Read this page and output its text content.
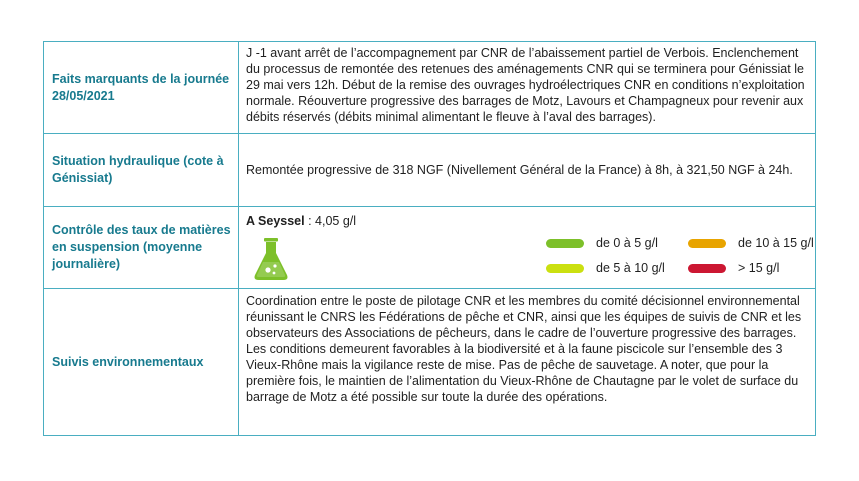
Faits marquants de la journée 28/05/2021	J -1 avant arrêt de l’accompagnement par CNR de l’abaissement partiel de Verbois. Enclenchement du processus de remontée des retenues des aménagements CNR qui se terminera pour Génissiat le 29 mai vers 12h. Début de la remise des ouvrages hydroélectriques CNR en conditions n’exploitation normale. Réouverture progressive des barrages de Motz, Lavours et Champagneux pour revenir aux débits réservés (débits minimal alimentant le fleuve à l’aval des barrages).

Situation hydraulique (cote à Génissiat)	Remontée progressive de 318 NGF (Nivellement Général de la France) à 8h, à 321,50 NGF à 24h.

Contrôle des taux de matières en suspension (moyenne journalière)	A Seyssel : 4,05 g/l
de 0 à 5 g/l
de 5 à 10 g/l
de 10 à 15 g/l
> 15 g/l

Suivis environnementaux	Coordination entre le poste de pilotage CNR et les membres du comité décisionnel environnemental réunissant le CNRS les Fédérations de pêche et CNR, ainsi que les équipes de suivis de CNR et les observateurs des Associations de pêcheurs, dans le cadre de l’ouverture progressive des barrages.

Les conditions demeurent favorables à la biodiversité et à la faune piscicole sur l’ensemble des 3 Vieux-Rhône mais la vigilance reste de mise. Pas de pêche de sauvetage. A noter, que pour la première fois, le maintien de l’alimentation du Vieux-Rhône de Chautagne par le volet de surface du barrage de Motz a été possible sur toute la durée des opérations.
